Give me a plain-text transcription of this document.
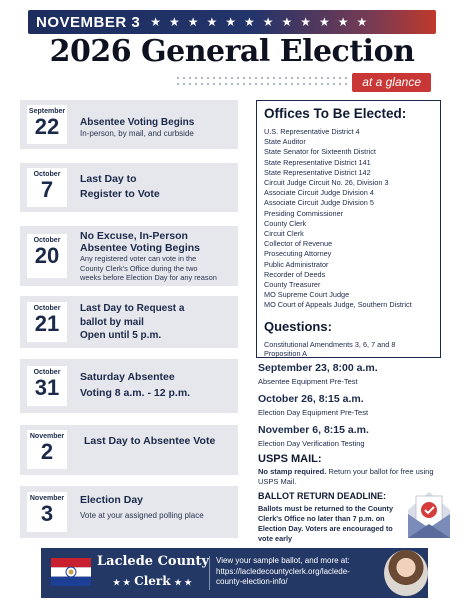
NOVEMBER 3 ★★★★★★★★★★★★
2026 General Election
at a glance
September
22	Absentee Voting Begins
In-person, by mail, and curbside
October
7	Last Day to
Register to Vote
October
20
No Excuse, In-Person
Absentee Voting Begins
Any registered voter can vote in the
County Clerk's Office during the two
weeks before Election Day for any reason
October
21
Last Day to Request a
ballot by mail
Open until 5 p.m.
October
31	Saturday Absentee
Voting 8 a.m. - 12 p.m.
November
2	Last Day to Absentee Vote
November
3
Election Day
Vote at your assigned polling place
Offices To Be Elected:
U.S. Representative District 4
State Auditor
State Senator for Sixteenth District
State Representative District 141
State Representative District 142
Circuit Judge Circuit No. 26, Division 3
Associate Circuit Judge Division 4
Associate Circuit Judge Division 5
Presiding Commissioner
County Clerk
Circuit Clerk
Collector of Revenue
Prosecuting Attorney
Public Administrator
Recorder of Deeds
County Treasurer
MO Supreme Court Judge
MO Court of Appeals Judge, Southern District
Questions:
Constitutional Amendments 3, 6, 7 and 8
Proposition A
September 23, 8:00 a.m.
Absentee Equipment Pre-Test
October 26, 8:15 a.m.
Election Day Equipment Pre-Test
November 6, 8:15 a.m.
Election Day Verification Testing
USPS MAIL:
No stamp required. Return your ballot for free using USPS Mail.
BALLOT RETURN DEADLINE:
Ballots must be returned to the County Clerk's Office no later than 7 p.m. on Election Day. Voters are encouraged to vote early
Laclede County
★ ★ Clerk ★ ★
View your sample ballot, and more at: https://lacledecountyclerk.org/laclede-county-election-info/
